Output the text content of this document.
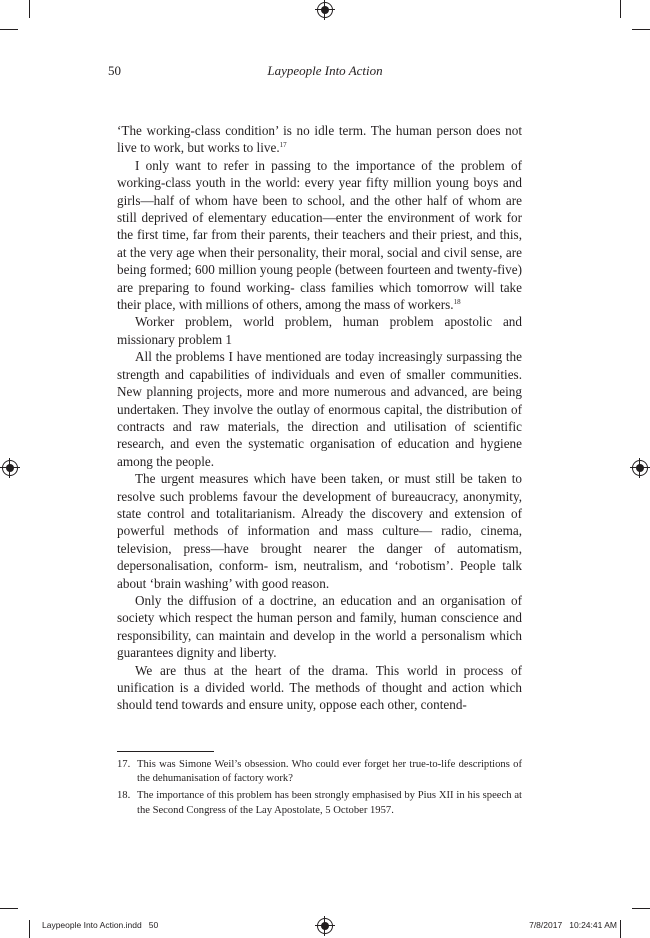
50	Laypeople Into Action

‘The working-class condition’ is no idle term. The human person does not live to work, but works to live.$^{17}$

I only want to refer in passing to the importance of the problem of working-class youth in the world: every year fifty million young boys and girls—half of whom have been to school, and the other half of whom are still deprived of elementary education—enter the environment of work for the first time, far from their parents, their teachers and their priest, and this, at the very age when their personality, their moral, social and civil sense, are being formed; 600 million young people (between fourteen and twenty-five) are preparing to found working- class families which tomorrow will take their place, with millions of others, among the mass of workers.$^{18}$

Worker problem, world problem, human problem apostolic and missionary problem 1

All the problems I have mentioned are today increasingly surpassing the strength and capabilities of individuals and even of smaller communities. New planning projects, more and more numerous and advanced, are being undertaken. They involve the outlay of enormous capital, the distribution of contracts and raw materials, the direction and utilisation of scientific research, and even the systematic organisation of education and hygiene among the people.

The urgent measures which have been taken, or must still be taken to resolve such problems favour the development of bureaucracy, anonymity, state control and totalitarianism. Already the discovery and extension of powerful methods of information and mass culture— radio, cinema, television, press—have brought nearer the danger of automatism, depersonalisation, conform- ism, neutralism, and ‘robotism’. People talk about ‘brain washing’ with good reason.

Only the diffusion of a doctrine, an education and an organisation of society which respect the human person and family, human conscience and responsibility, can maintain and develop in the world a personalism which guarantees dignity and liberty.

We are thus at the heart of the drama. This world in process of unification is a divided world. The methods of thought and action which should tend towards and ensure unity, oppose each other, contend-

17. This was Simone Weil’s obsession. Who could ever forget her true-to-life descriptions of the dehumanisation of factory work?
18. The importance of this problem has been strongly emphasised by Pius XII in his speech at the Second Congress of the Lay Apostolate, 5 October 1957.
Laypeople Into Action.indd   50	7/8/2017   10:24:41 AM
